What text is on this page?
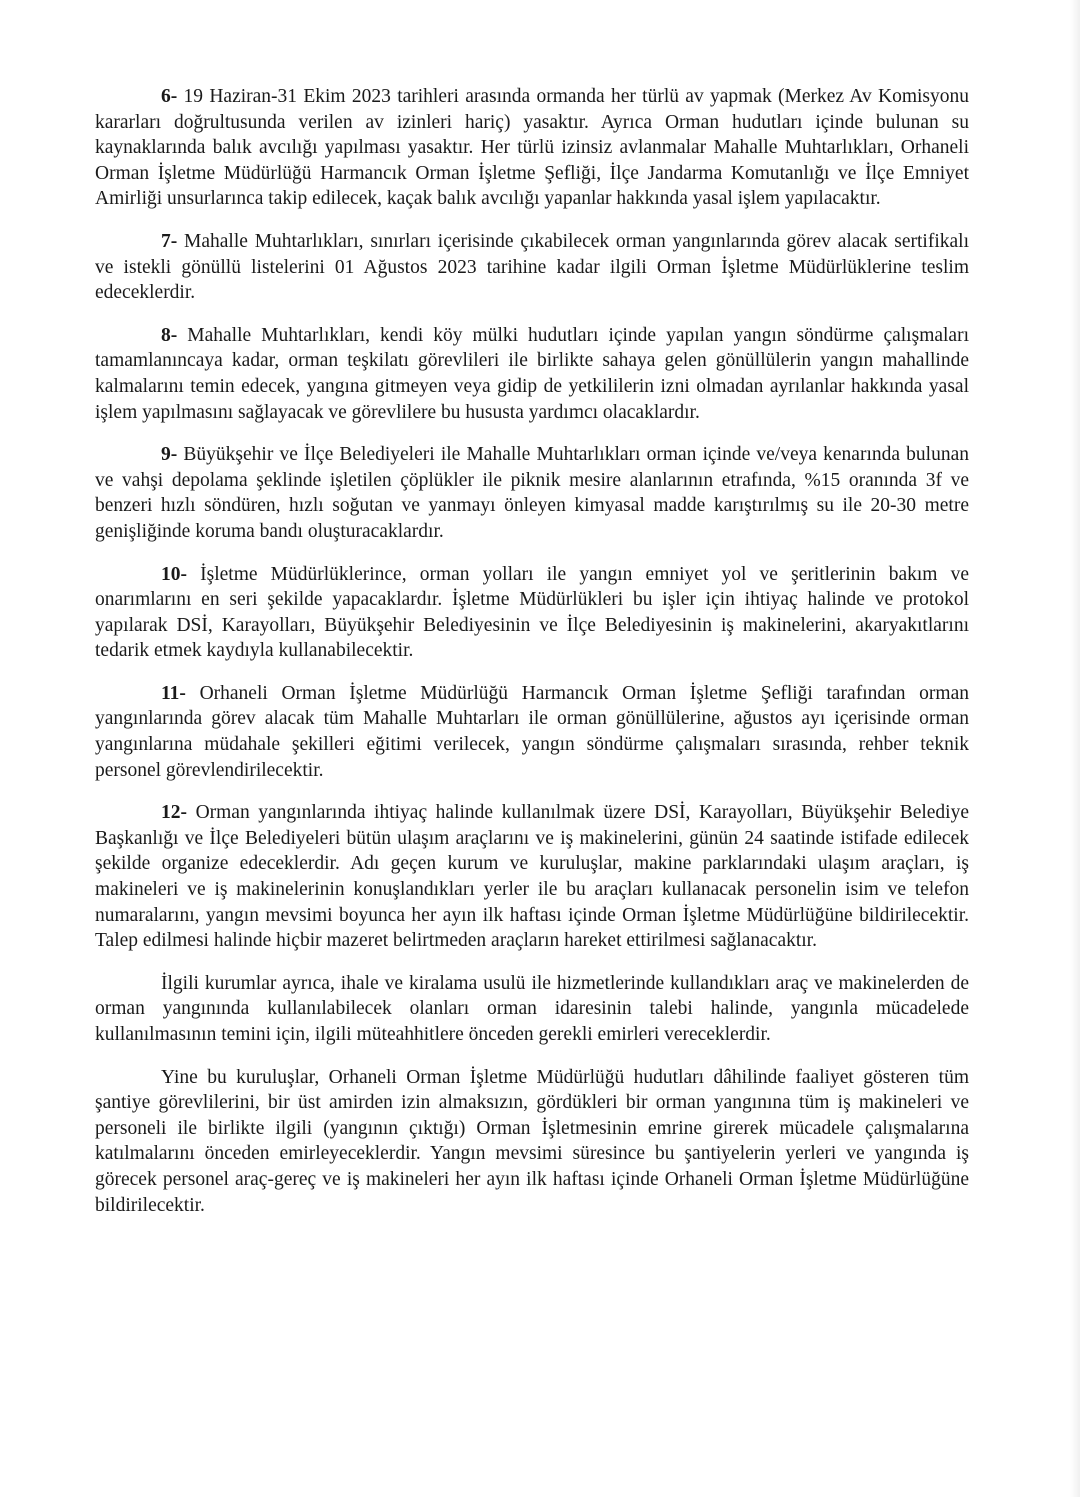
6- 19 Haziran-31 Ekim 2023 tarihleri arasında ormanda her türlü av yapmak (Merkez Av Komisyonu kararları doğrultusunda verilen av izinleri hariç) yasaktır. Ayrıca Orman hudutları içinde bulunan su kaynaklarında balık avcılığı yapılması yasaktır. Her türlü izinsiz avlanmalar Mahalle Muhtarlıkları, Orhaneli Orman İşletme Müdürlüğü Harmancık Orman İşletme Şefliği, İlçe Jandarma Komutanlığı ve İlçe Emniyet Amirliği unsurlarınca takip edilecek, kaçak balık avcılığı yapanlar hakkında yasal işlem yapılacaktır.

7- Mahalle Muhtarlıkları, sınırları içerisinde çıkabilecek orman yangınlarında görev alacak sertifikalı ve istekli gönüllü listelerini 01 Ağustos 2023 tarihine kadar ilgili Orman İşletme Müdürlüklerine teslim edeceklerdir.

8- Mahalle Muhtarlıkları, kendi köy mülki hudutları içinde yapılan yangın söndürme çalışmaları tamamlanıncaya kadar, orman teşkilatı görevlileri ile birlikte sahaya gelen gönüllülerin yangın mahallinde kalmalarını temin edecek, yangına gitmeyen veya gidip de yetkililerin izni olmadan ayrılanlar hakkında yasal işlem yapılmasını sağlayacak ve görevlilere bu hususta yardımcı olacaklardır.

9- Büyükşehir ve İlçe Belediyeleri ile Mahalle Muhtarlıkları orman içinde ve/veya kenarında bulunan ve vahşi depolama şeklinde işletilen çöplükler ile piknik mesire alanlarının etrafında, %15 oranında 3f ve benzeri hızlı söndüren, hızlı soğutan ve yanmayı önleyen kimyasal madde karıştırılmış su ile 20-30 metre genişliğinde koruma bandı oluşturacaklardır.

10- İşletme Müdürlüklerince, orman yolları ile yangın emniyet yol ve şeritlerinin bakım ve onarımlarını en seri şekilde yapacaklardır. İşletme Müdürlükleri bu işler için ihtiyaç halinde ve protokol yapılarak DSİ, Karayolları, Büyükşehir Belediyesinin ve İlçe Belediyesinin iş makinelerini, akaryakıtlarını tedarik etmek kaydıyla kullanabilecektir.

11- Orhaneli Orman İşletme Müdürlüğü Harmancık Orman İşletme Şefliği tarafından orman yangınlarında görev alacak tüm Mahalle Muhtarları ile orman gönüllülerine, ağustos ayı içerisinde orman yangınlarına müdahale şekilleri eğitimi verilecek, yangın söndürme çalışmaları sırasında, rehber teknik personel görevlendirilecektir.

12- Orman yangınlarında ihtiyaç halinde kullanılmak üzere DSİ, Karayolları, Büyükşehir Belediye Başkanlığı ve İlçe Belediyeleri bütün ulaşım araçlarını ve iş makinelerini, günün 24 saatinde istifade edilecek şekilde organize edeceklerdir. Adı geçen kurum ve kuruluşlar, makine parklarındaki ulaşım araçları, iş makineleri ve iş makinelerinin konuşlandıkları yerler ile bu araçları kullanacak personelin isim ve telefon numaralarını, yangın mevsimi boyunca her ayın ilk haftası içinde Orman İşletme Müdürlüğüne bildirilecektir. Talep edilmesi halinde hiçbir mazeret belirtmeden araçların hareket ettirilmesi sağlanacaktır.

İlgili kurumlar ayrıca, ihale ve kiralama usulü ile hizmetlerinde kullandıkları araç ve makinelerden de orman yangınında kullanılabilecek olanları orman idaresinin talebi halinde, yangınla mücadelede kullanılmasının temini için, ilgili müteahhitlere önceden gerekli emirleri vereceklerdir.

Yine bu kuruluşlar, Orhaneli Orman İşletme Müdürlüğü hudutları dâhilinde faaliyet gösteren tüm şantiye görevlilerini, bir üst amirden izin almaksızın, gördükleri bir orman yangınına tüm iş makineleri ve personeli ile birlikte ilgili (yangının çıktığı) Orman İşletmesinin emrine girerek mücadele çalışmalarına katılmalarını önceden emirleyeceklerdir. Yangın mevsimi süresince bu şantiyelerin yerleri ve yangında iş görecek personel araç-gereç ve iş makineleri her ayın ilk haftası içinde Orhaneli Orman İşletme Müdürlüğüne bildirilecektir.
